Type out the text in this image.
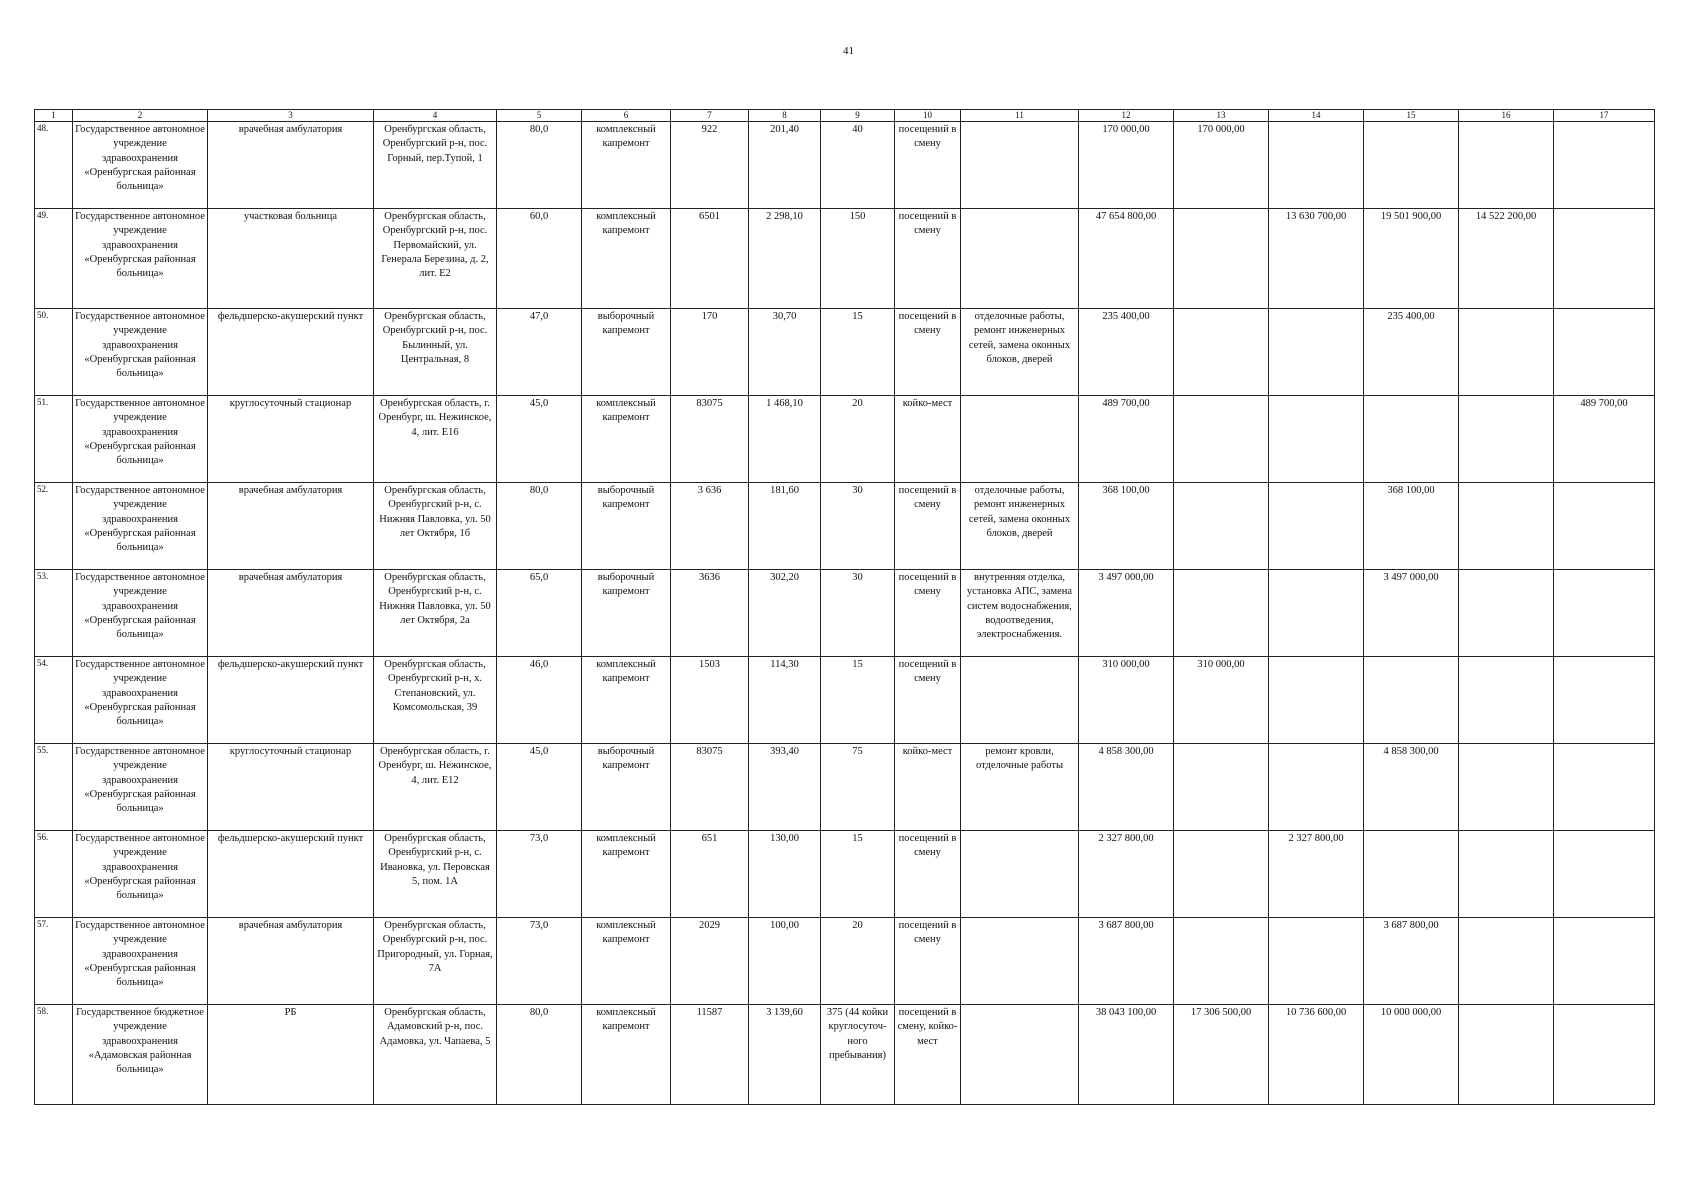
41
1	2	3	4	5	6	7	8	9	10	11	12	13	14	15	16	17
48.	Государственное автономное учреждение здравоохранения «Оренбургская районная больница»	врачебная амбулатория	Оренбургская область, Оренбургский р-н, пос. Горный, пер.Тупой, 1	80,0	комплексный капремонт	922	201,40	40	посещений в смену		170 000,00	170 000,00				
49.	Государственное автономное учреждение здравоохранения «Оренбургская районная больница»	участковая больница	Оренбургская область, Оренбургский р-н, пос. Первомайский, ул. Генерала Березина, д. 2, лит. Е2	60,0	комплексный капремонт	6501	2 298,10	150	посещений в смену		47 654 800,00		13 630 700,00	19 501 900,00	14 522 200,00	
50.	Государственное автономное учреждение здравоохранения «Оренбургская районная больница»	фельдшерско-акушерский пункт	Оренбургская область, Оренбургский р-н, пос. Былинный, ул. Центральная, 8	47,0	выборочный капремонт	170	30,70	15	посещений в смену	отделочные работы, ремонт инженерных сетей, замена оконных блоков, дверей	235 400,00			235 400,00		
51.	Государственное автономное учреждение здравоохранения «Оренбургская районная больница»	круглосуточный стационар	Оренбургская область, г. Оренбург, ш. Нежинское, 4, лит. Е16	45,0	комплексный капремонт	83075	1 468,10	20	койко-мест		489 700,00					489 700,00
52.	Государственное автономное учреждение здравоохранения «Оренбургская районная больница»	врачебная амбулатория	Оренбургская область, Оренбургский р-н, с. Нижняя Павловка, ул. 50 лет Октября, 1б	80,0	выборочный капремонт	3 636	181,60	30	посещений в смену	отделочные работы, ремонт инженерных сетей, замена оконных блоков, дверей	368 100,00			368 100,00		
53.	Государственное автономное учреждение здравоохранения «Оренбургская районная больница»	врачебная амбулатория	Оренбургская область, Оренбургский р-н, с. Нижняя Павловка, ул. 50 лет Октября, 2а	65,0	выборочный капремонт	3636	302,20	30	посещений в смену	внутренняя отделка, установка АПС, замена систем водоснабжения, водоотведения, электроснабжения.	3 497 000,00			3 497 000,00		
54.	Государственное автономное учреждение здравоохранения «Оренбургская районная больница»	фельдшерско-акушерский пункт	Оренбургская область, Оренбургский р-н, х. Степановский, ул. Комсомольская, 39	46,0	комплексный капремонт	1503	114,30	15	посещений в смену		310 000,00	310 000,00				
55.	Государственное автономное учреждение здравоохранения «Оренбургская районная больница»	круглосуточный стационар	Оренбургская область, г. Оренбург, ш. Нежинское, 4, лит. Е12	45,0	выборочный капремонт	83075	393,40	75	койко-мест	ремонт кровли, отделочные работы	4 858 300,00			4 858 300,00		
56.	Государственное автономное учреждение здравоохранения «Оренбургская районная больница»	фельдшерско-акушерский пункт	Оренбургская область, Оренбургский р-н, с. Ивановка, ул. Перовская 5, пом. 1А	73,0	комплексный капремонт	651	130,00	15	посещений в смену		2 327 800,00		2 327 800,00			
57.	Государственное автономное учреждение здравоохранения «Оренбургская районная больница»	врачебная амбулатория	Оренбургская область, Оренбургский р-н, пос. Пригородный, ул. Горная, 7А	73,0	комплексный капремонт	2029	100,00	20	посещений в смену		3 687 800,00			3 687 800,00		
58.	Государственное бюджетное учреждение здравоохранения «Адамовская районная больница»	РБ	Оренбургская область, Адамовский р-н, пос. Адамовка, ул. Чапаева, 5	80,0	комплексный капремонт	11587	3 139,60	375 (44 койки круглосуточ-ного пребывания)	посещений в смену, койко-мест		38 043 100,00	17 306 500,00	10 736 600,00	10 000 000,00		
